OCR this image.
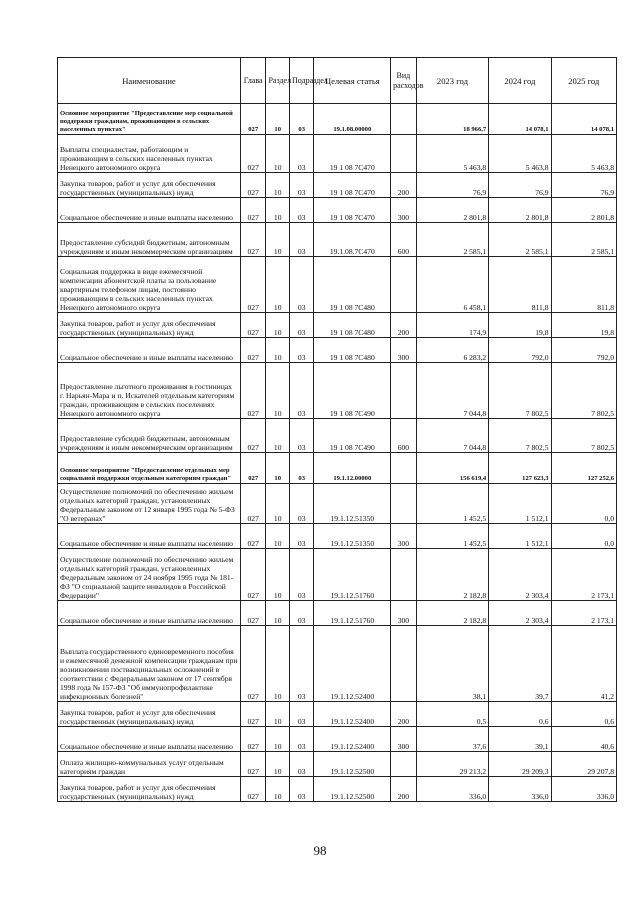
Наименование	Глава	Раздел	Подраздел	Целевая статья	Вид расходов	2023 год	2024 год	2025 год
Основное мероприятие "Предоставление мер социальной поддержки гражданам, проживающим в сельских населенных пунктах"	027	10	03	19.1.08.00000		18 966,7	14 078,1	14 078,1
Выплаты специалистам, работающим и проживающим в сельских населенных пунктах Ненецкого автономного округа	027	10	03	19 1 08 7С470		5 463,8	5 463,8	5 463,8
Закупка товаров, работ и услуг для обеспечения государственных (муниципальных) нужд	027	10	03	19 1 08 7С470	200	76,9	76,9	76,9
Социальное обеспечение и иные выплаты населению	027	10	03	19 1 08 7С470	300	2 801,8	2 801,8	2 801,8
Предоставление субсидий бюджетным, автономным учреждениям и иным некоммерческим организациям	027	10	03	19.1.08.7С470	600	2 585,1	2 585,1	2 585,1
Социальная поддержка в виде ежемесячной компенсации абонентской платы за пользование квартирным телефоном лицам, постоянно проживающим в сельских населенных пунктах Ненецкого автономного округа	027	10	03	19 1 08 7С480		6 458,1	811,8	811,8
Закупка товаров, работ и услуг для обеспечения государственных (муниципальных) нужд	027	10	03	19 1 08 7С480	200	174,9	19,8	19,8
Социальное обеспечение и иные выплаты населению	027	10	03	19 1 08 7С480	300	6 283,2	792,0	792,0
Предоставление льготного проживания в гостиницах г. Нарьян-Мара и п. Искателей отдельным категориям граждан, проживающим в сельских поселениях Ненецкого автономного округа	027	10	03	19 1 08 7С490		7 044,8	7 802,5	7 802,5
Предоставление субсидий бюджетным, автономным учреждениям и иным некоммерческим организациям	027	10	03	19 1 08 7С490	600	7 044,8	7 802,5	7 802,5
Основное мероприятие "Предоставление отдельных мер социальной поддержки отдельным категориям граждан"	027	10	03	19.1.12.00000		156 619,4	127 623,3	127 252,6
Осуществление полномочий по обеспечению жильем отдельных категорий граждан, установленных Федеральным законом от 12 января 1995 года № 5-ФЗ "О ветеранах"	027	10	03	19.1.12.51350		1 452,5	1 512,1	0,0
Социальное обеспечение и иные выплаты населению	027	10	03	19.1.12.51350	300	1 452,5	1 512,1	0,0
Осуществление полномочий по обеспечению жильем отдельных категорий граждан, установленных Федеральным законом от 24 ноября 1995 года № 181-ФЗ "О социальной защите инвалидов в Российской Федерации"	027	10	03	19.1.12.51760		2 182,8	2 303,4	2 173,1
Социальное обеспечение и иные выплаты населению	027	10	03	19.1.12.51760	300	2 182,8	2 303,4	2 173,1
Выплата государственного единовременного пособия и ежемесячной денежной компенсации гражданам при возникновении поствакцинальных осложнений в соответствии с Федеральным законом от 17 сентября 1998 года № 157-ФЗ "Об иммунопрофилактике инфекционных болезней"	027	10	03	19.1.12.52400		38,1	39,7	41,2
Закупка товаров, работ и услуг для обеспечения государственных (муниципальных) нужд	027	10	03	19.1.12.52400	200	0,5	0,6	0,6
Социальное обеспечение и иные выплаты населению	027	10	03	19.1.12.52400	300	37,6	39,1	40,6
Оплата жилищно-коммунальных услуг отдельным категориям граждан	027	10	03	19.1.12.52500		29 213,2	29 209,3	29 207,8
Закупка товаров, работ и услуг для обеспечения государственных (муниципальных) нужд	027	10	03	19.1.12.52500	200	336,0	336,0	336,0
98
